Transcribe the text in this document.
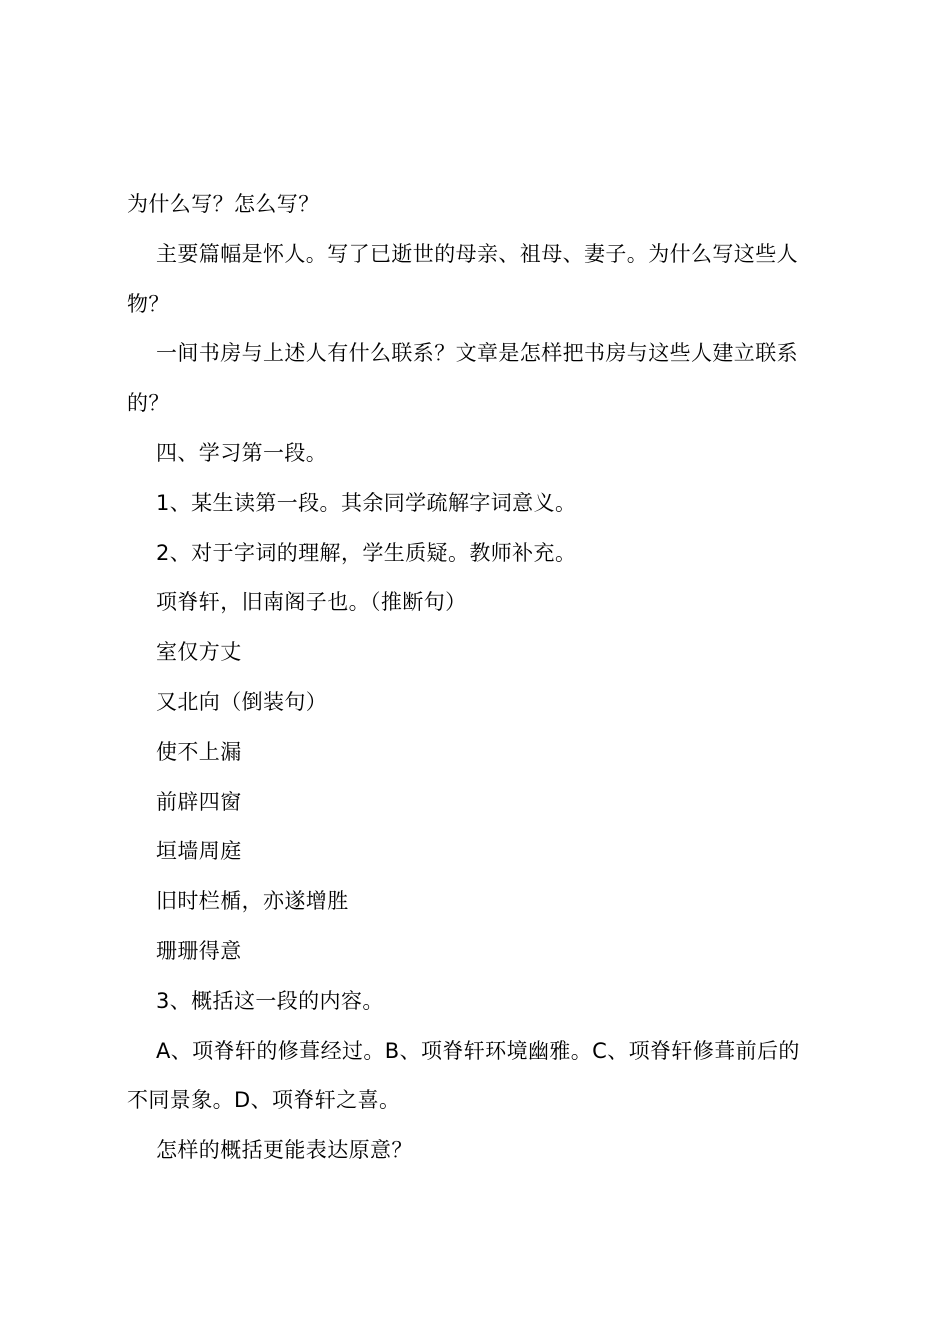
为什么写？怎么写？
主要篇幅是怀人。写了已逝世的母亲、祖母、妻子。为什么写这些人
物？
一间书房与上述人有什么联系？文章是怎样把书房与这些人建立联系
的？
四、学习第一段。
1、某生读第一段。其余同学疏解字词意义。
2、对于字词的理解，学生质疑。教师补充。
项脊轩，旧南阁子也。（推断句）
室仅方丈
又北向（倒装句）
使不上漏
前辟四窗
垣墙周庭
旧时栏楯，亦遂增胜
珊珊得意
3、概括这一段的内容。
A、项脊轩的修葺经过。B、项脊轩环境幽雅。C、项脊轩修葺前后的
不同景象。D、项脊轩之喜。
怎样的概括更能表达原意？
